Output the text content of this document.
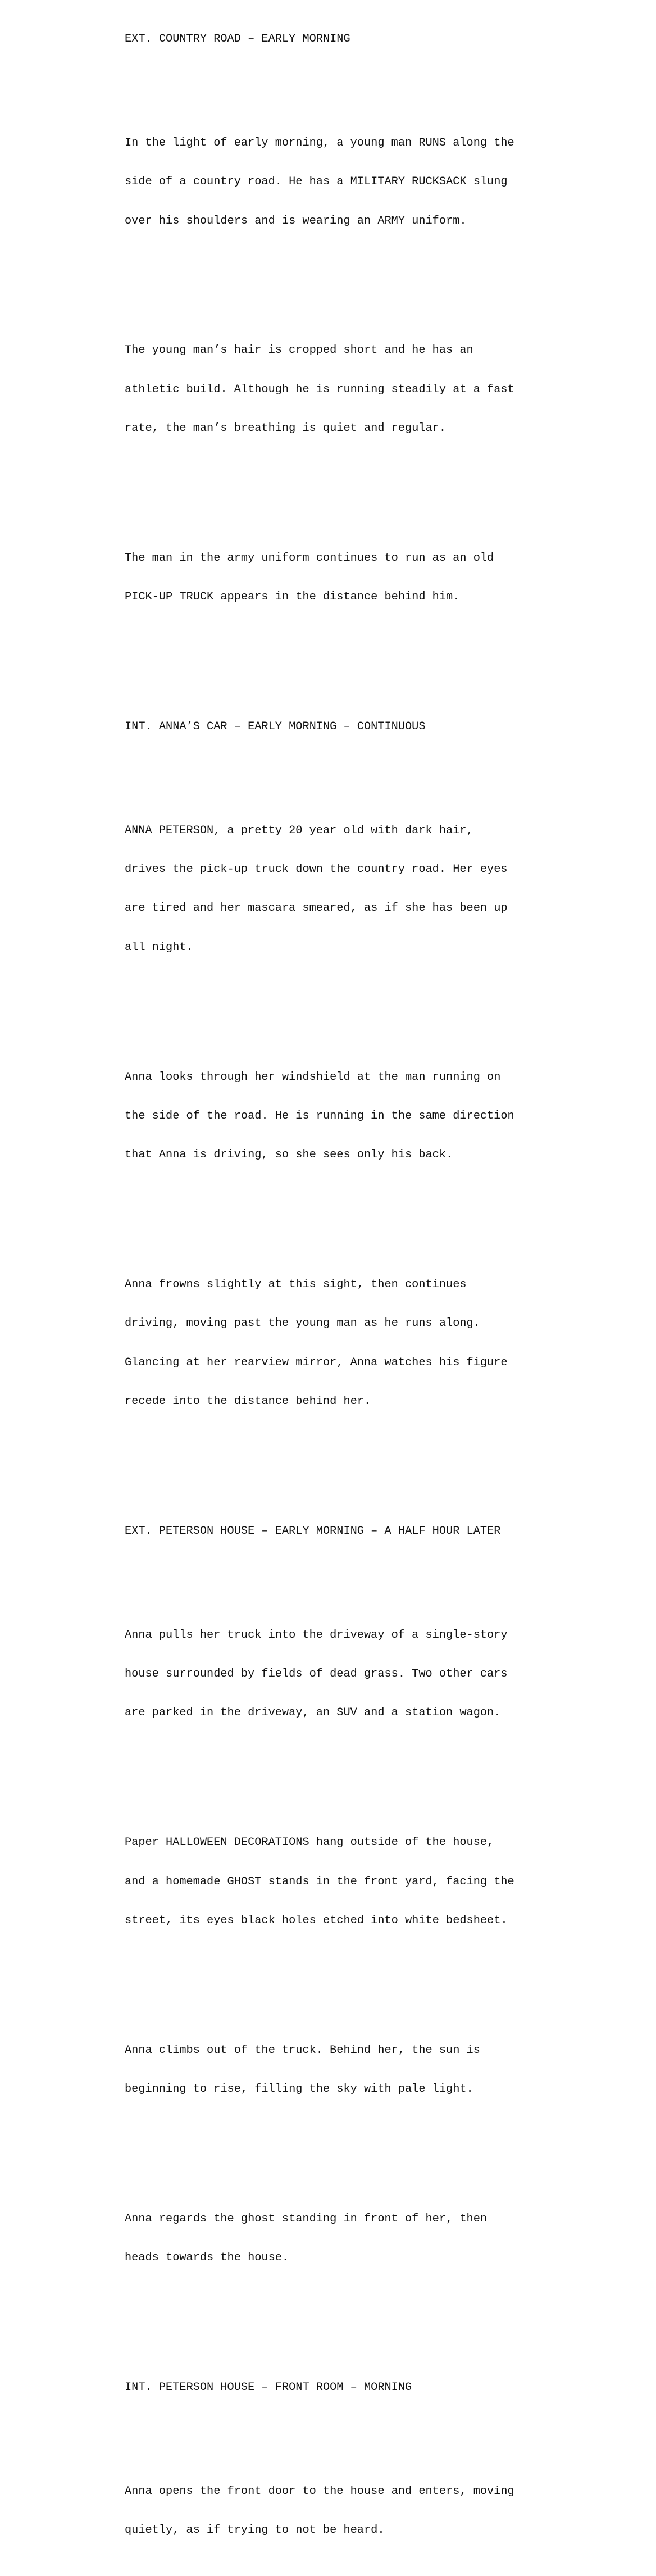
EXT. COUNTRY ROAD – EARLY MORNING

In the light of early morning, a young man RUNS along the

side of a country road. He has a MILITARY RUCKSACK slung

over his shoulders and is wearing an ARMY uniform.

The young man’s hair is cropped short and he has an

athletic build. Although he is running steadily at a fast

rate, the man’s breathing is quiet and regular.

The man in the army uniform continues to run as an old

PICK-UP TRUCK appears in the distance behind him.

INT. ANNA’S CAR – EARLY MORNING – CONTINUOUS

ANNA PETERSON, a pretty 20 year old with dark hair,

drives the pick-up truck down the country road. Her eyes

are tired and her mascara smeared, as if she has been up

all night.

Anna looks through her windshield at the man running on

the side of the road. He is running in the same direction

that Anna is driving, so she sees only his back.

Anna frowns slightly at this sight, then continues

driving, moving past the young man as he runs along.

Glancing at her rearview mirror, Anna watches his figure

recede into the distance behind her.

EXT. PETERSON HOUSE – EARLY MORNING – A HALF HOUR LATER

Anna pulls her truck into the driveway of a single-story

house surrounded by fields of dead grass. Two other cars

are parked in the driveway, an SUV and a station wagon.

Paper HALLOWEEN DECORATIONS hang outside of the house,

and a homemade GHOST stands in the front yard, facing the

street, its eyes black holes etched into white bedsheet.

Anna climbs out of the truck. Behind her, the sun is

beginning to rise, filling the sky with pale light.

Anna regards the ghost standing in front of her, then

heads towards the house.

INT. PETERSON HOUSE – FRONT ROOM – MORNING

Anna opens the front door to the house and enters, moving

quietly, as if trying to not be heard.
